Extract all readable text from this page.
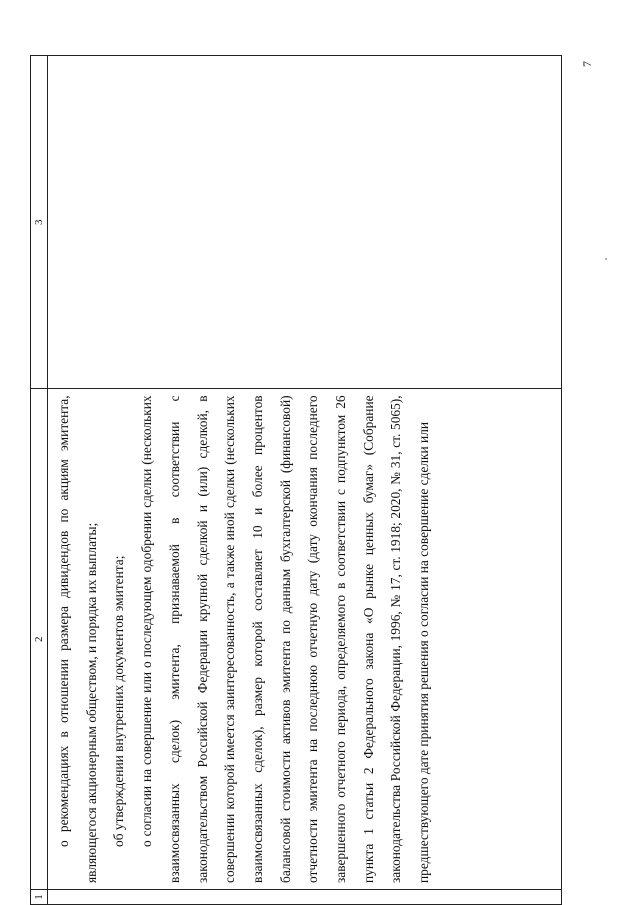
1	2	3

	о рекомендациях в отношении размера дивидендов по акциям эмитента, являющегося акционерным обществом, и порядка их выплаты; об утверждении внутренних документов эмитента; о согласии на совершение или о последующем одобрении сделки (нескольких взаимосвязанных сделок) эмитента, признаваемой в соответствии с законодательством Российской Федерации крупной сделкой и (или) сделкой, в совершении которой имеется заинтересованность, а также иной сделки (нескольких взаимосвязанных сделок), размер которой составляет 10 и более процентов балансовой стоимости активов эмитента по данным бухгалтерской (финансовой) отчетности эмитента на последнюю отчетную дату (дату окончания последнего завершенного отчетного периода, определяемого в соответствии с подпунктом 26 пункта 1 статьи 2 Федерального закона «О рынке ценных бумаг» (Собрание законодательства Российской Федерации, 1996, № 17, ст. 1918; 2020, № 31, ст. 5065), предшествующего дате принятия решения о согласии на совершение сделки или	

7
